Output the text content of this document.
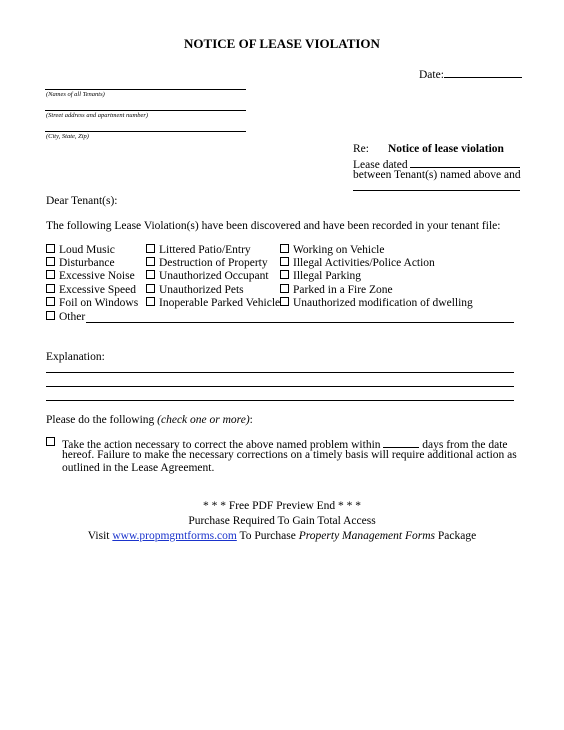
NOTICE OF LEASE VIOLATION
Date:
(Names of all Tenants)
(Street address and apartment number)
(City, State, Zip)
Re: Notice of lease violation
Lease dated
between Tenant(s) named above and
Dear Tenant(s):
The following Lease Violation(s) have been discovered and have been recorded in your tenant file:
Loud Music
Disturbance
Excessive Noise
Excessive Speed
Foil on Windows
Other
Littered Patio/Entry
Destruction of Property
Unauthorized Occupant
Unauthorized Pets
Inoperable Parked Vehicle
Working on Vehicle
Illegal Activities/Police Action
Illegal Parking
Parked in a Fire Zone
Unauthorized modification of dwelling
Explanation:
Please do the following (check one or more):
Take the action necessary to correct the above named problem within	days from the date
hereof. Failure to make the necessary corrections on a timely basis will require additional action as
outlined in the Lease Agreement.
* * * Free PDF Preview End * * *
Purchase Required To Gain Total Access
Visit www.propmgmtforms.com To Purchase Property Management Forms Package
